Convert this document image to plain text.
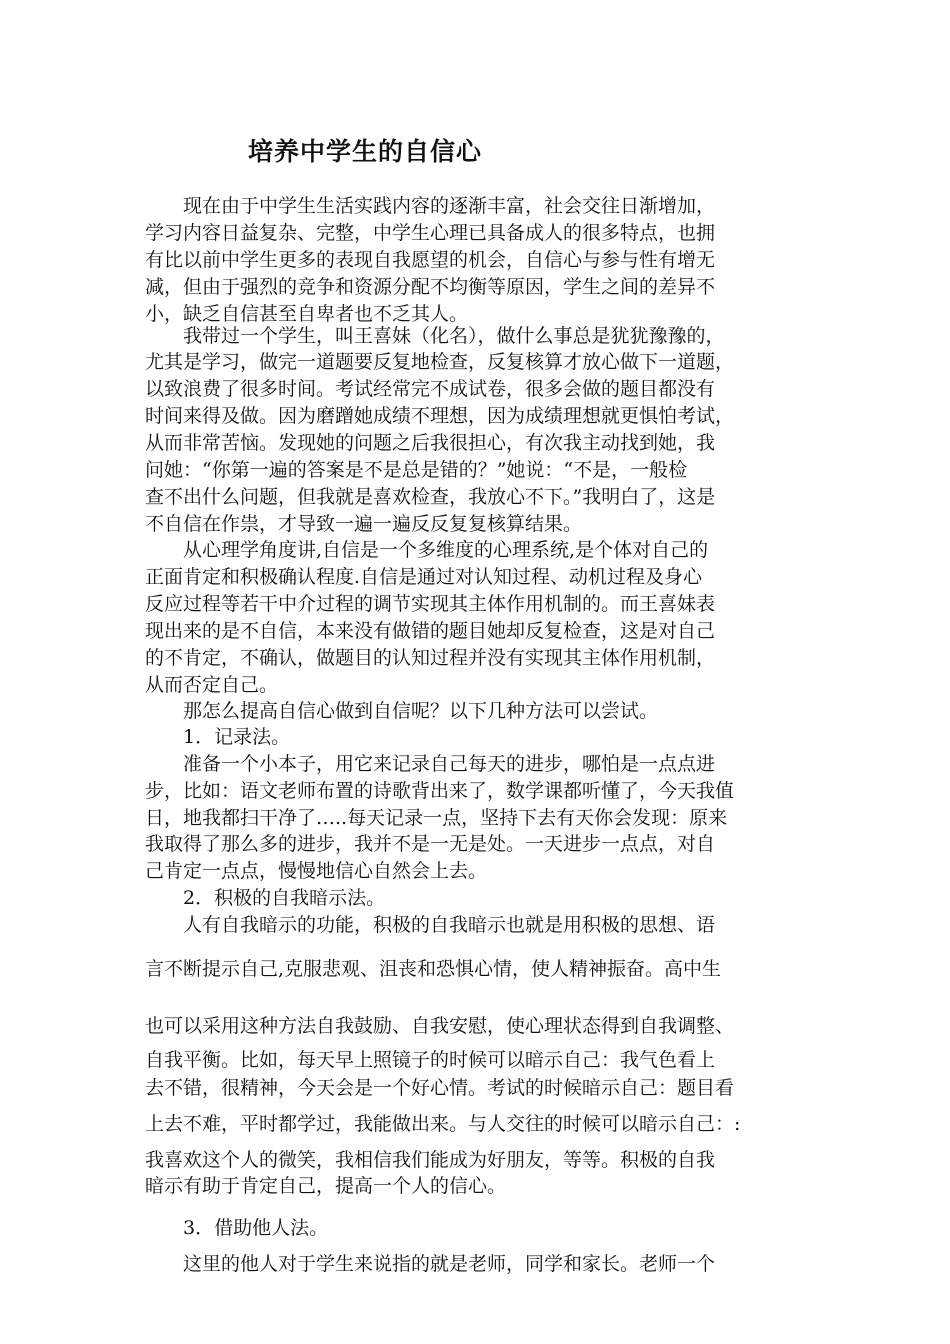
培养中学生的自信心

　　现在由于中学生生活实践内容的逐渐丰富，社会交往日渐增加，

学习内容日益复杂、完整，中学生心理已具备成人的很多特点，也拥

有比以前中学生更多的表现自我愿望的机会，自信心与参与性有增无

减，但由于强烈的竞争和资源分配不均衡等原因，学生之间的差异不

小，缺乏自信甚至自卑者也不乏其人。

　　我带过一个学生，叫王喜妹（化名），做什么事总是犹犹豫豫的，

尤其是学习，做完一道题要反复地检查，反复核算才放心做下一道题，

以致浪费了很多时间。考试经常完不成试卷，很多会做的题目都没有

时间来得及做。因为磨蹭她成绩不理想，因为成绩理想就更惧怕考试，

从而非常苦恼。发现她的问题之后我很担心，有次我主动找到她，我

问她：“你第一遍的答案是不是总是错的？”她说：“不是，一般检

查不出什么问题，但我就是喜欢检查，我放心不下。”我明白了，这是

不自信在作祟，才导致一遍一遍反反复复核算结果。

　　从心理学角度讲,自信是一个多维度的心理系统,是个体对自己的

正面肯定和积极确认程度.自信是通过对认知过程、动机过程及身心

反应过程等若干中介过程的调节实现其主体作用机制的。而王喜妹表

现出来的是不自信，本来没有做错的题目她却反复检查，这是对自己

的不肯定，不确认，做题目的认知过程并没有实现其主体作用机制，

从而否定自己。

　　那怎么提高自信心做到自信呢？以下几种方法可以尝试。

　　1．记录法。

　　准备一个小本子，用它来记录自己每天的进步，哪怕是一点点进

步，比如：语文老师布置的诗歌背出来了，数学课都听懂了，今天我值

日，地我都扫干净了…..每天记录一点，坚持下去有天你会发现：原来

我取得了那么多的进步，我并不是一无是处。一天进步一点点，对自

己肯定一点点，慢慢地信心自然会上去。

　　2．积极的自我暗示法。

　　人有自我暗示的功能，积极的自我暗示也就是用积极的思想、语

言不断提示自己,克服悲观、沮丧和恐惧心情，使人精神振奋。高中生

也可以采用这种方法自我鼓励、自我安慰，使心理状态得到自我调整、

自我平衡。比如，每天早上照镜子的时候可以暗示自己：我气色看上

去不错，很精神，今天会是一个好心情。考试的时候暗示自己：题目看

上去不难，平时都学过，我能做出来。与人交往的时候可以暗示自己：:

我喜欢这个人的微笑，我相信我们能成为好朋友，等等。积极的自我

暗示有助于肯定自己，提高一个人的信心。

　　3．借助他人法。

　　这里的他人对于学生来说指的就是老师，同学和家长。老师一个
